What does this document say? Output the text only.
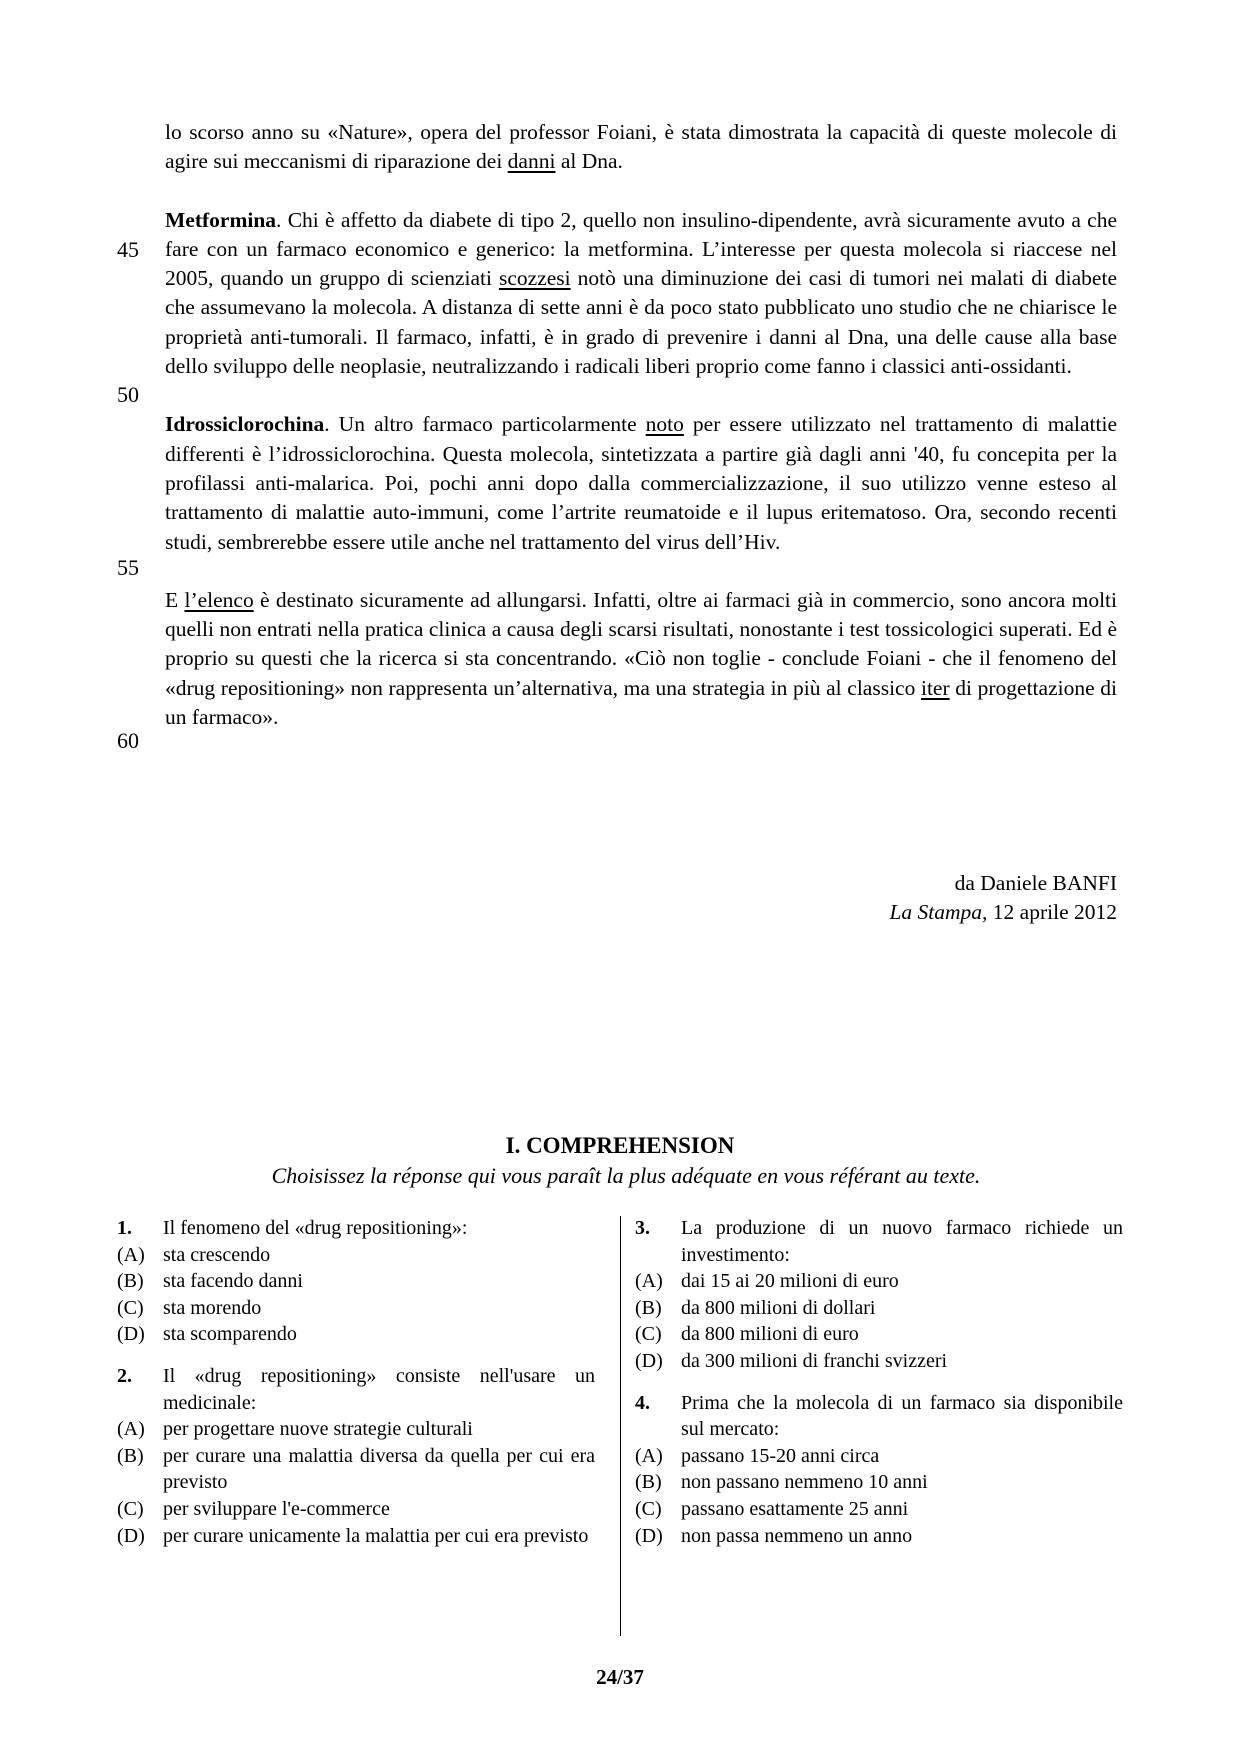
45
50
55
60

lo scorso anno su «Nature», opera del professor Foiani, è stata dimostrata la capacità di queste molecole di agire sui meccanismi di riparazione dei danni al Dna.

Metformina. Chi è affetto da diabete di tipo 2, quello non insulino-dipendente, avrà sicuramente avuto a che fare con un farmaco economico e generico: la metformina. L’interesse per questa molecola si riaccese nel 2005, quando un gruppo di scienziati scozzesi notò una diminuzione dei casi di tumori nei malati di diabete che assumevano la molecola. A distanza di sette anni è da poco stato pubblicato uno studio che ne chiarisce le proprietà anti-tumorali. Il farmaco, infatti, è in grado di prevenire i danni al Dna, una delle cause alla base dello sviluppo delle neoplasie, neutralizzando i radicali liberi proprio come fanno i classici anti-ossidanti.

Idrossiclorochina. Un altro farmaco particolarmente noto per essere utilizzato nel trattamento di malattie differenti è l’idrossiclorochina. Questa molecola, sintetizzata a partire già dagli anni '40, fu concepita per la profilassi anti-malarica. Poi, pochi anni dopo dalla commercializzazione, il suo utilizzo venne esteso al trattamento di malattie auto-immuni, come l’artrite reumatoide e il lupus eritematoso. Ora, secondo recenti studi, sembrerebbe essere utile anche nel trattamento del virus dell’Hiv.

E l’elenco è destinato sicuramente ad allungarsi. Infatti, oltre ai farmaci già in commercio, sono ancora molti quelli non entrati nella pratica clinica a causa degli scarsi risultati, nonostante i test tossicologici superati. Ed è proprio su questi che la ricerca si sta concentrando. «Ciò non toglie - conclude Foiani - che il fenomeno del «drug repositioning» non rappresenta un’alternativa, ma una strategia in più al classico iter di progettazione di un farmaco».

da Daniele BANFI
La Stampa, 12 aprile 2012
I. COMPREHENSION
Choisissez la réponse qui vous paraît la plus adéquate en vous référant au texte.
1.	Il fenomeno del «drug repositioning»:
(A) sta crescendo
(B) sta facendo danni
(C) sta morendo
(D) sta scomparendo
2.	Il «drug repositioning» consiste nell'usare un medicinale:
(A) per progettare nuove strategie culturali
(B) per curare una malattia diversa da quella per cui era previsto
(C) per sviluppare l'e-commerce
(D) per curare unicamente la malattia per cui era previsto
3.	La produzione di un nuovo farmaco richiede un investimento:
(A) dai 15 ai 20 milioni di euro
(B) da 800 milioni di dollari
(C) da 800 milioni di euro
(D) da 300 milioni di franchi svizzeri
4.	Prima che la molecola di un farmaco sia disponibile sul mercato:
(A) passano 15-20 anni circa
(B) non passano nemmeno 10 anni
(C) passano esattamente 25 anni
(D) non passa nemmeno un anno
24/37
